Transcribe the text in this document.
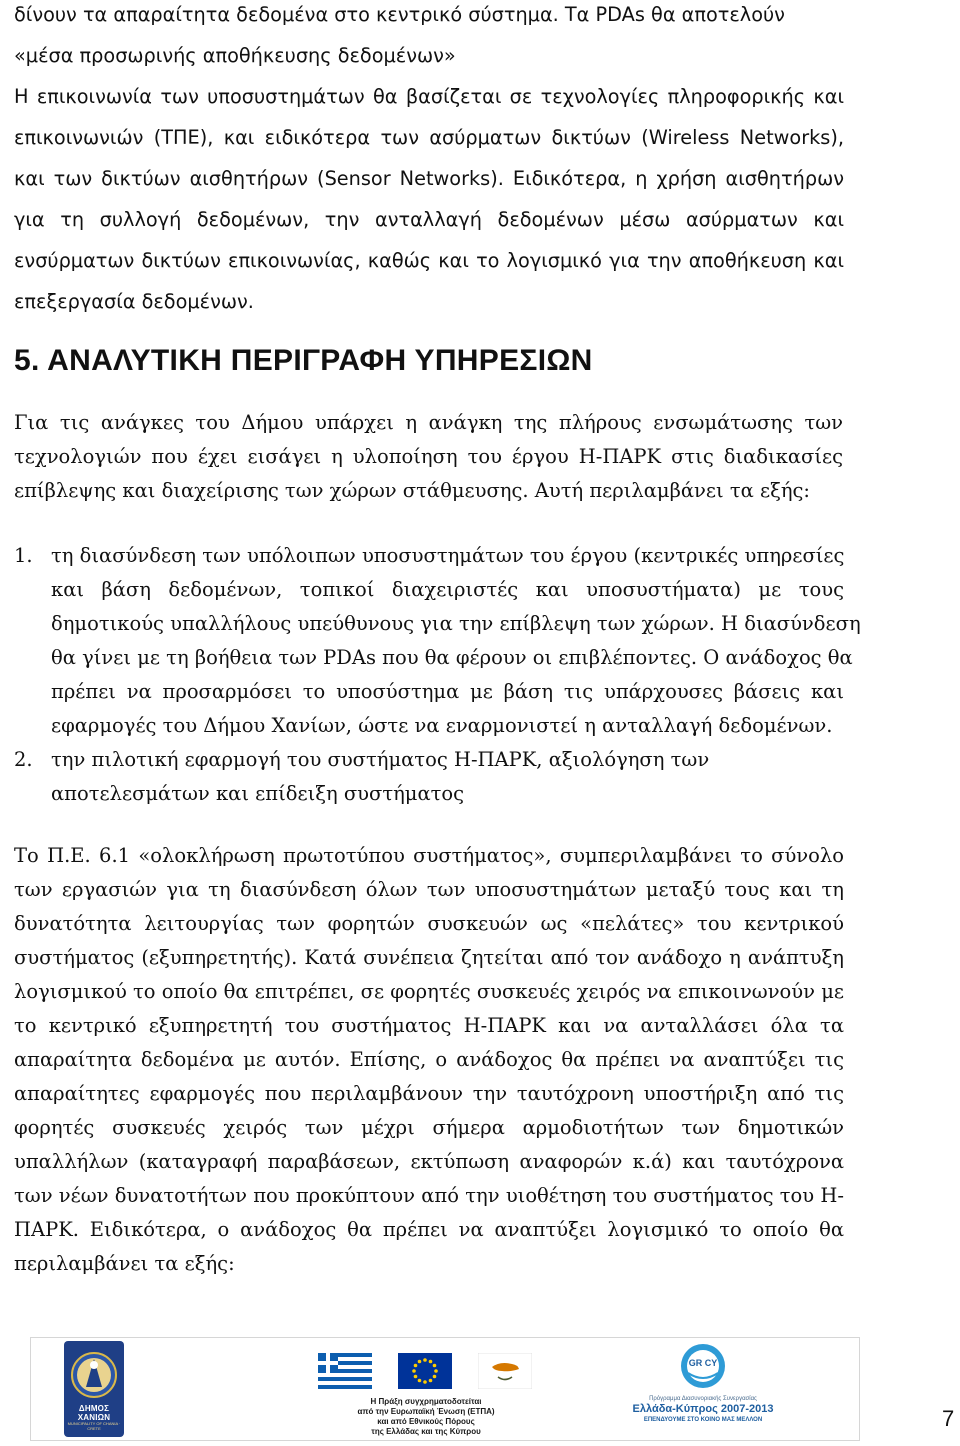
δίνουν τα απαραίτητα δεδομένα στο κεντρικό σύστημα. Τα PDAs θα αποτελούν
«μέσα προσωρινής αποθήκευσης δεδομένων»
Η επικοινωνία των υποσυστημάτων θα βασίζεται σε τεχνολογίες πληροφορικής και
επικοινωνιών (ΤΠΕ), και ειδικότερα των ασύρματων δικτύων (Wireless Networks),
και των δικτύων αισθητήρων (Sensor Networks). Ειδικότερα, η χρήση αισθητήρων
για τη συλλογή δεδομένων, την ανταλλαγή δεδομένων μέσω ασύρματων και
ενσύρματων δικτύων επικοινωνίας, καθώς και το λογισμικό για την αποθήκευση και
επεξεργασία δεδομένων.
5. ΑΝΑΛΥΤΙΚΗ ΠΕΡΙΓΡΑΦΗ ΥΠΗΡΕΣΙΩΝ
Για τις ανάγκες του Δήμου υπάρχει η ανάγκη της πλήρους ενσωμάτωσης των
τεχνολογιών που έχει εισάγει η υλοποίηση του έργου Η-ΠΑΡΚ στις διαδικασίες
επίβλεψης και διαχείρισης των χώρων στάθμευσης. Αυτή περιλαμβάνει τα εξής:
1. τη διασύνδεση των υπόλοιπων υποσυστημάτων του έργου (κεντρικές υπηρεσίες
και βάση δεδομένων, τοπικοί διαχειριστές και υποσυστήματα) με τους
δημοτικούς υπαλλήλους υπεύθυνους για την επίβλεψη των χώρων. Η διασύνδεση
θα γίνει με τη βοήθεια των PDAs που θα φέρουν οι επιβλέποντες. Ο ανάδοχος θα
πρέπει να προσαρμόσει το υποσύστημα με βάση τις υπάρχουσες βάσεις και
εφαρμογές του Δήμου Χανίων, ώστε να εναρμονιστεί η ανταλλαγή δεδομένων.
2. την πιλοτική εφαρμογή του συστήματος Η-ΠΑΡΚ, αξιολόγηση των
αποτελεσμάτων και επίδειξη συστήματος
Το Π.Ε. 6.1 «ολοκλήρωση πρωτοτύπου συστήματος», συμπεριλαμβάνει το σύνολο
των εργασιών για τη διασύνδεση όλων των υποσυστημάτων μεταξύ τους και τη
δυνατότητα λειτουργίας των φορητών συσκευών ως «πελάτες» του κεντρικού
συστήματος (εξυπηρετητής). Κατά συνέπεια ζητείται από τον ανάδοχο η ανάπτυξη
λογισμικού το οποίο θα επιτρέπει, σε φορητές συσκευές χειρός να επικοινωνούν με
το κεντρικό εξυπηρετητή του συστήματος Η-ΠΑΡΚ και να ανταλλάσει όλα τα
απαραίτητα δεδομένα με αυτόν. Επίσης, ο ανάδοχος θα πρέπει να αναπτύξει τις
απαραίτητες εφαρμογές που περιλαμβάνουν την ταυτόχρονη υποστήριξη από τις
φορητές συσκευές χειρός των μέχρι σήμερα αρμοδιοτήτων των δημοτικών
υπαλλήλων (καταγραφή παραβάσεων, εκτύπωση αναφορών κ.ά) και ταυτόχρονα
των νέων δυνατοτήτων που προκύπτουν από την υιοθέτηση του συστήματος του Η-
ΠΑΡΚ. Ειδικότερα, ο ανάδοχος θα πρέπει να αναπτύξει λογισμικό το οποίο θα
περιλαμβάνει τα εξής:
ΔΗΜΟΣ ΧΑΝΙΩΝ
MUNICIPALITY OF CHANIA · CRETE
Η Πράξη συγχρηματοδοτείται
από την Ευρωπαϊκή Ένωση (ΕΤΠΑ)
και από Εθνικούς Πόρους
της Ελλάδας και της Κύπρου
GR CY
Πρόγραμμα Διασυνοριακής Συνεργασίας
Ελλάδα-Κύπρος 2007-2013
ΕΠΕΝΔΥΟΥΜΕ ΣΤΟ ΚΟΙΝΟ ΜΑΣ ΜΕΛΛΟΝ	7
